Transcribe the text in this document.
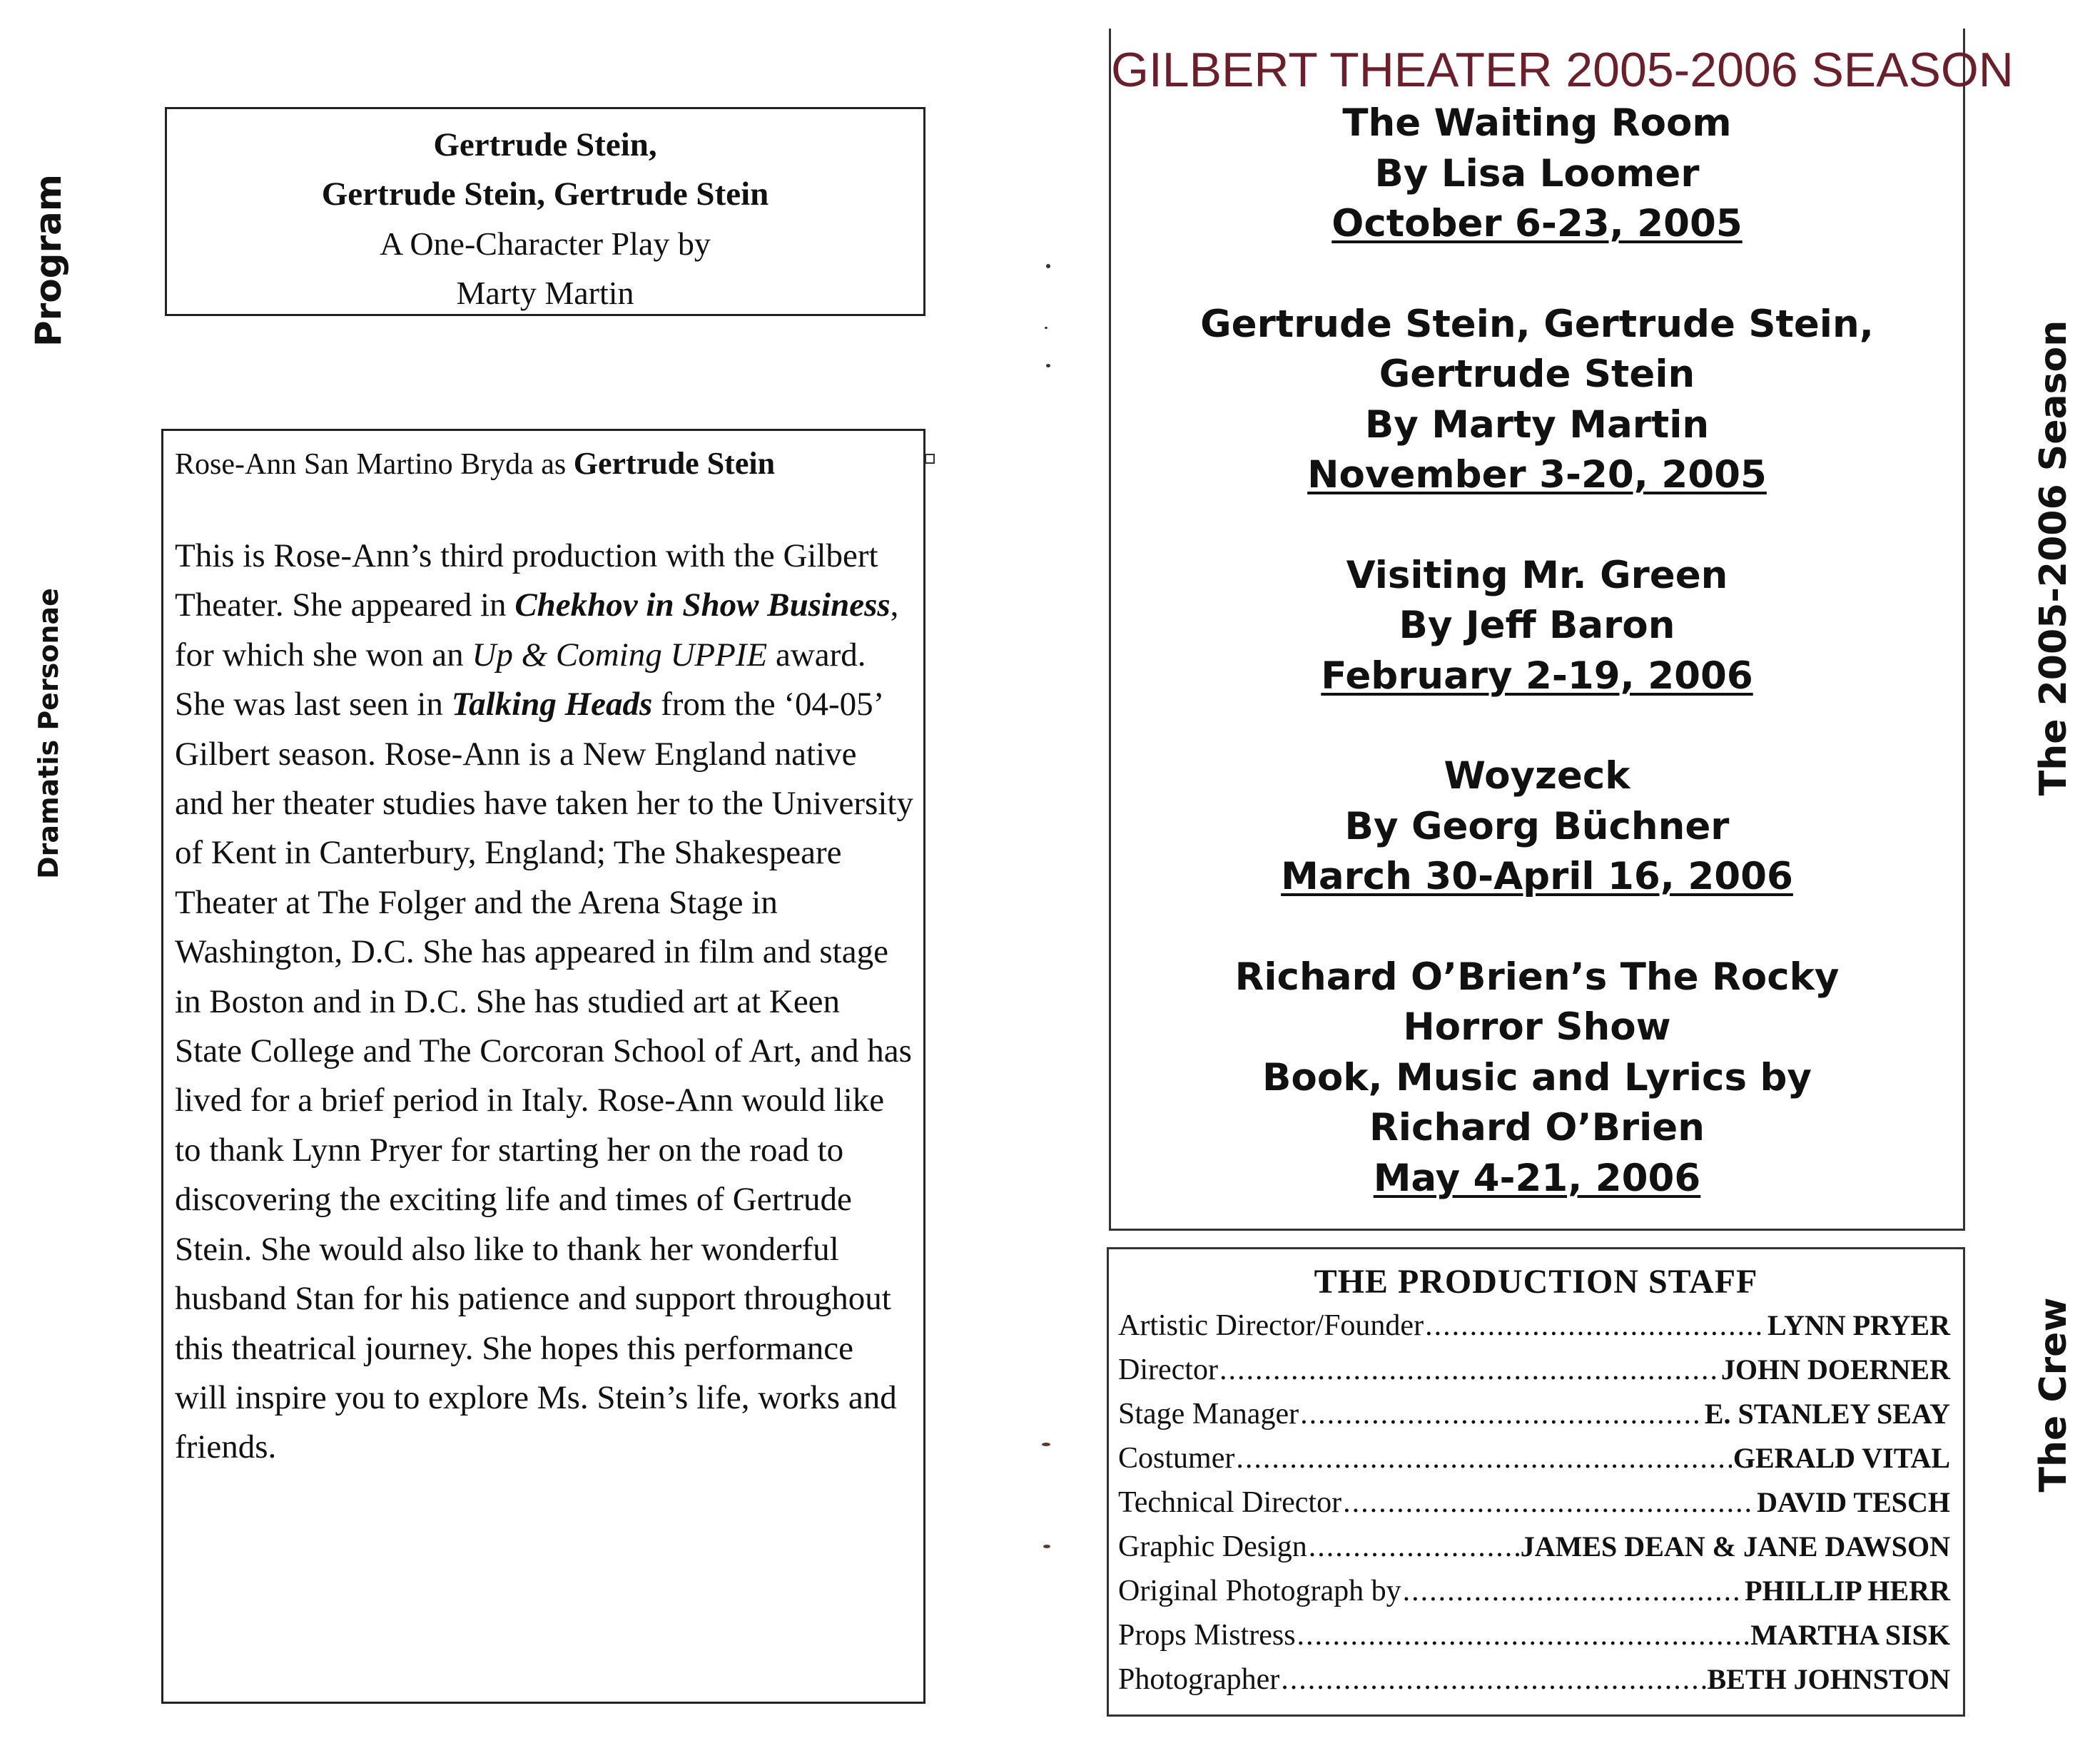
Program
Dramatis Personae	The 2005-2006 Season
The Crew
Gertrude Stein,
Gertrude Stein, Gertrude Stein
A One-Character Play by
Marty Martin
Rose-Ann San Martino Bryda as Gertrude Stein
This is Rose-Ann’s third production with the Gilbert Theater. She appeared in Chekhov in Show Business, for which she won an Up & Coming UPPIE award. She was last seen in Talking Heads from the ‘04-05’ Gilbert season. Rose-Ann is a New England native and her theater studies have taken her to the University of Kent in Canterbury, England; The Shakespeare Theater at The Folger and the Arena Stage in Washington, D.C. She has appeared in film and stage in Boston and in D.C. She has studied art at Keen State College and The Corcoran School of Art, and has lived for a brief period in Italy. Rose-Ann would like to thank Lynn Pryer for starting her on the road to discovering the exciting life and times of Gertrude Stein. She would also like to thank her wonderful husband Stan for his patience and support throughout this theatrical journey. She hopes this performance will inspire you to explore Ms. Stein’s life, works and friends.
GILBERT THEATER 2005-2006 SEASON
The Waiting Room
By Lisa Loomer
October 6-23, 2005
Gertrude Stein, Gertrude Stein, Gertrude Stein
By Marty Martin
November 3-20, 2005
Visiting Mr. Green
By Jeff Baron
February 2-19, 2006
Woyzeck
By Georg Büchner
March 30-April 16, 2006
Richard O’Brien’s The Rocky Horror Show
Book, Music and Lyrics by Richard O’Brien
May 4-21, 2006
THE PRODUCTION STAFF
Artistic Director/Founder .....	LYNN PRYER
Director .....	JOHN DOERNER
Stage Manager .....	E. STANLEY SEAY
Costumer .....	GERALD VITAL
Technical Director .....	DAVID TESCH
Graphic Design .....	JAMES DEAN & JANE DAWSON
Original Photograph by .....	PHILLIP HERR
Props Mistress .....	MARTHA SISK
Photographer .....	BETH JOHNSTON
